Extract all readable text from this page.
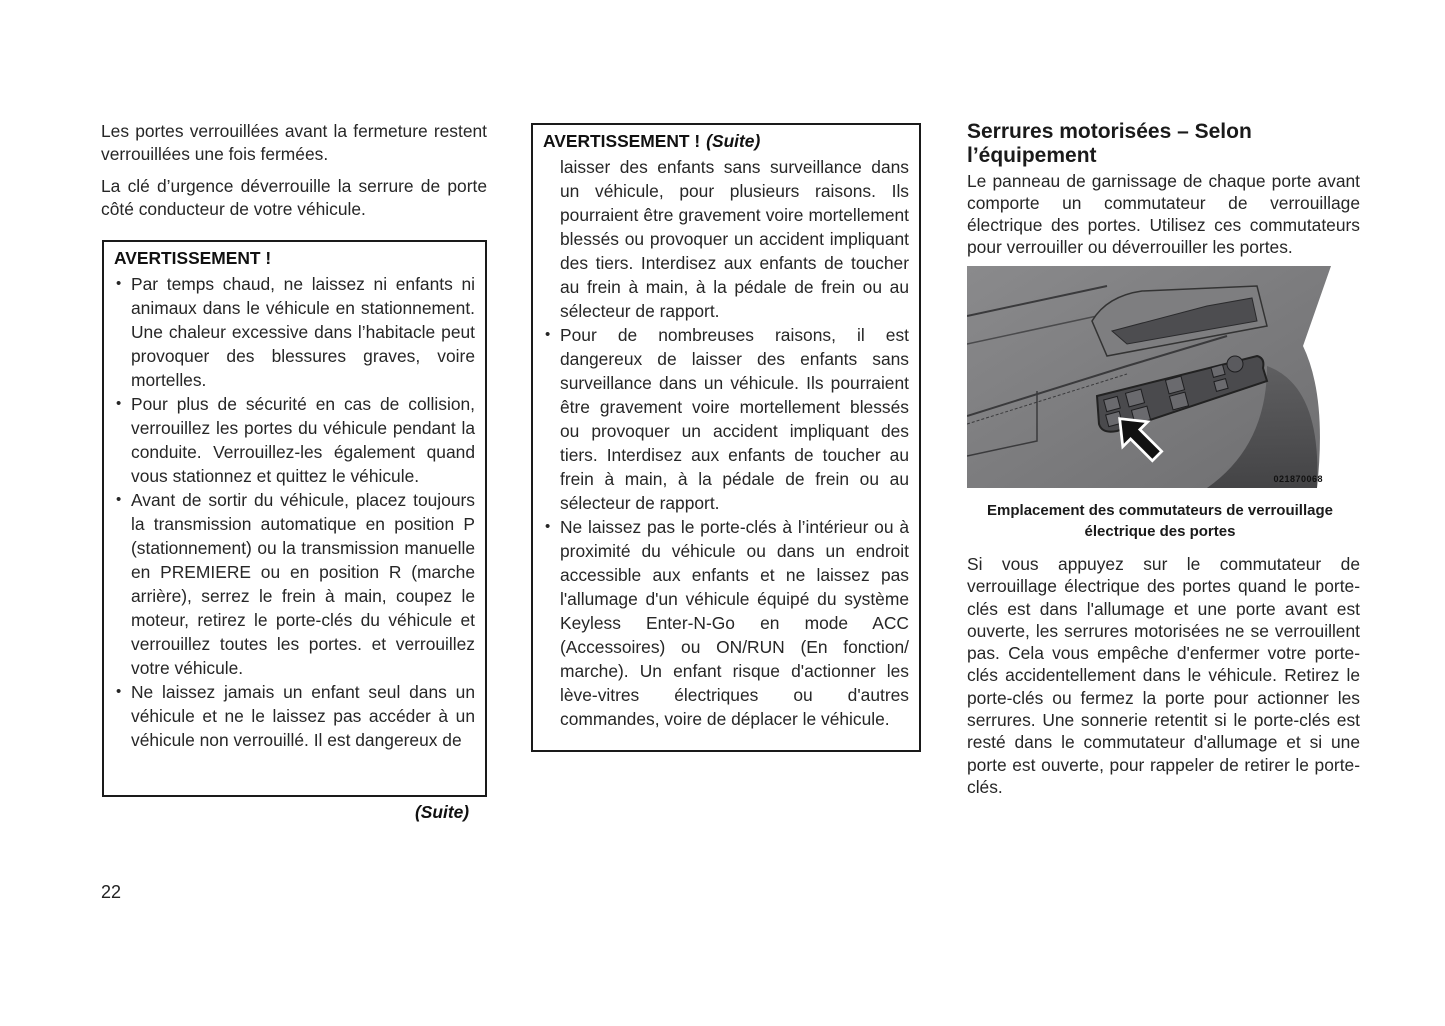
Les portes verrouillées avant la fermeture restent verrouillées une fois fermées.

La clé d’urgence déverrouille la serrure de porte côté conducteur de votre véhicule.

AVERTISSEMENT !

• Par temps chaud, ne laissez ni enfants ni animaux dans le véhicule en stationnement. Une chaleur excessive dans l’habitacle peut provoquer des blessures graves, voire mortelles.
• Pour plus de sécurité en cas de collision, verrouillez les portes du véhicule pendant la conduite. Verrouillez-les également quand vous stationnez et quittez le véhicule.
• Avant de sortir du véhicule, placez toujours la transmission automatique en position P (stationnement) ou la transmission manuelle en PREMIERE ou en position R (marche arrière), serrez le frein à main, coupez le moteur, retirez le porte-clés du véhicule et verrouillez toutes les portes. et verrouillez votre véhicule.
• Ne laissez jamais un enfant seul dans un véhicule et ne le laissez pas accéder à un véhicule non verrouillé. Il est dangereux de
(Suite)
22

AVERTISSEMENT ! (Suite)

laisser des enfants sans surveillance dans un véhicule, pour plusieurs raisons. Ils pourraient être gravement voire mortellement blessés ou provoquer un accident impliquant des tiers. Interdisez aux enfants de toucher au frein à main, à la pédale de frein ou au sélecteur de rapport.
• Pour de nombreuses raisons, il est dangereux de laisser des enfants sans surveillance dans un véhicule. Ils pourraient être gravement voire mortellement blessés ou provoquer un accident impliquant des tiers. Interdisez aux enfants de toucher au frein à main, à la pédale de frein ou au sélecteur de rapport.
• Ne laissez pas le porte-clés à l’intérieur ou à proximité du véhicule ou dans un endroit accessible aux enfants et ne laissez pas l'allumage d'un véhicule équipé du système Keyless Enter-N-Go en mode ACC (Accessoires) ou ON/RUN (En fonction/ marche). Un enfant risque d'actionner les lève-vitres électriques ou d'autres commandes, voire de déplacer le véhicule.
Serrures motorisées – Selon l’équipement

Le panneau de garnissage de chaque porte avant comporte un commutateur de verrouillage électrique des portes. Utilisez ces commutateurs pour verrouiller ou déverrouiller les portes.

021870068
Emplacement des commutateurs de verrouillage électrique des portes

Si vous appuyez sur le commutateur de verrouillage électrique des portes quand le porte-clés est dans l'allumage et une porte avant est ouverte, les serrures motorisées ne se verrouillent pas. Cela vous empêche d'enfermer votre porte-clés accidentellement dans le véhicule. Retirez le porte-clés ou fermez la porte pour actionner les serrures. Une sonnerie retentit si le porte-clés est resté dans le commutateur d'allumage et si une porte est ouverte, pour rappeler de retirer le porte-clés.
